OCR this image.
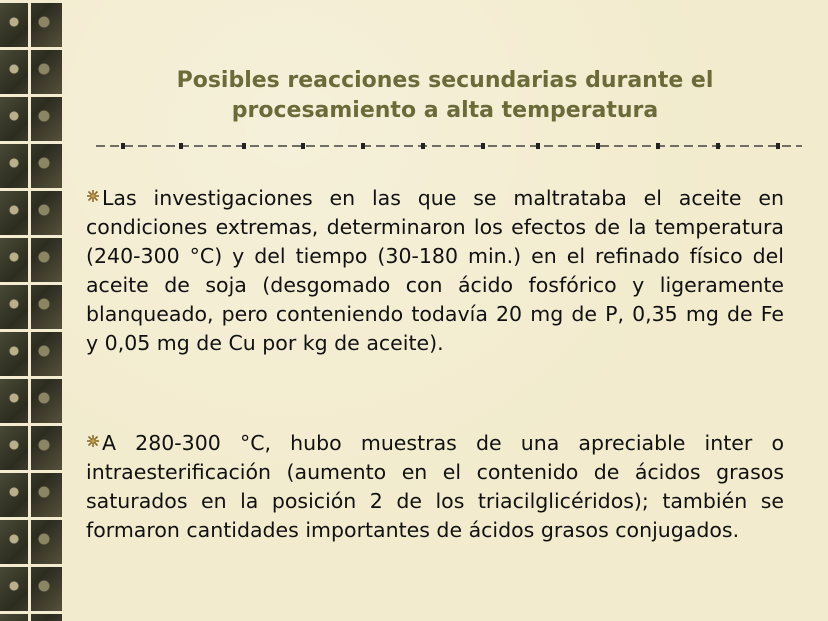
Posibles reacciones secundarias durante el
procesamiento a alta temperatura
Las investigaciones en las que se maltrataba el aceite en condiciones extremas, determinaron los efectos de la temperatura (240-300 °C) y del tiempo (30-180 min.) en el refinado físico del aceite de soja (desgomado con ácido fosfórico y ligeramente blanqueado, pero conteniendo todavía 20 mg de P, 0,35 mg de Fe y 0,05 mg de Cu por kg de aceite).
A 280-300 °C, hubo muestras de una apreciable inter o intraesterificación (aumento en el contenido de ácidos grasos saturados en la posición 2 de los triacilglicéridos); también se formaron cantidades importantes de ácidos grasos conjugados.
